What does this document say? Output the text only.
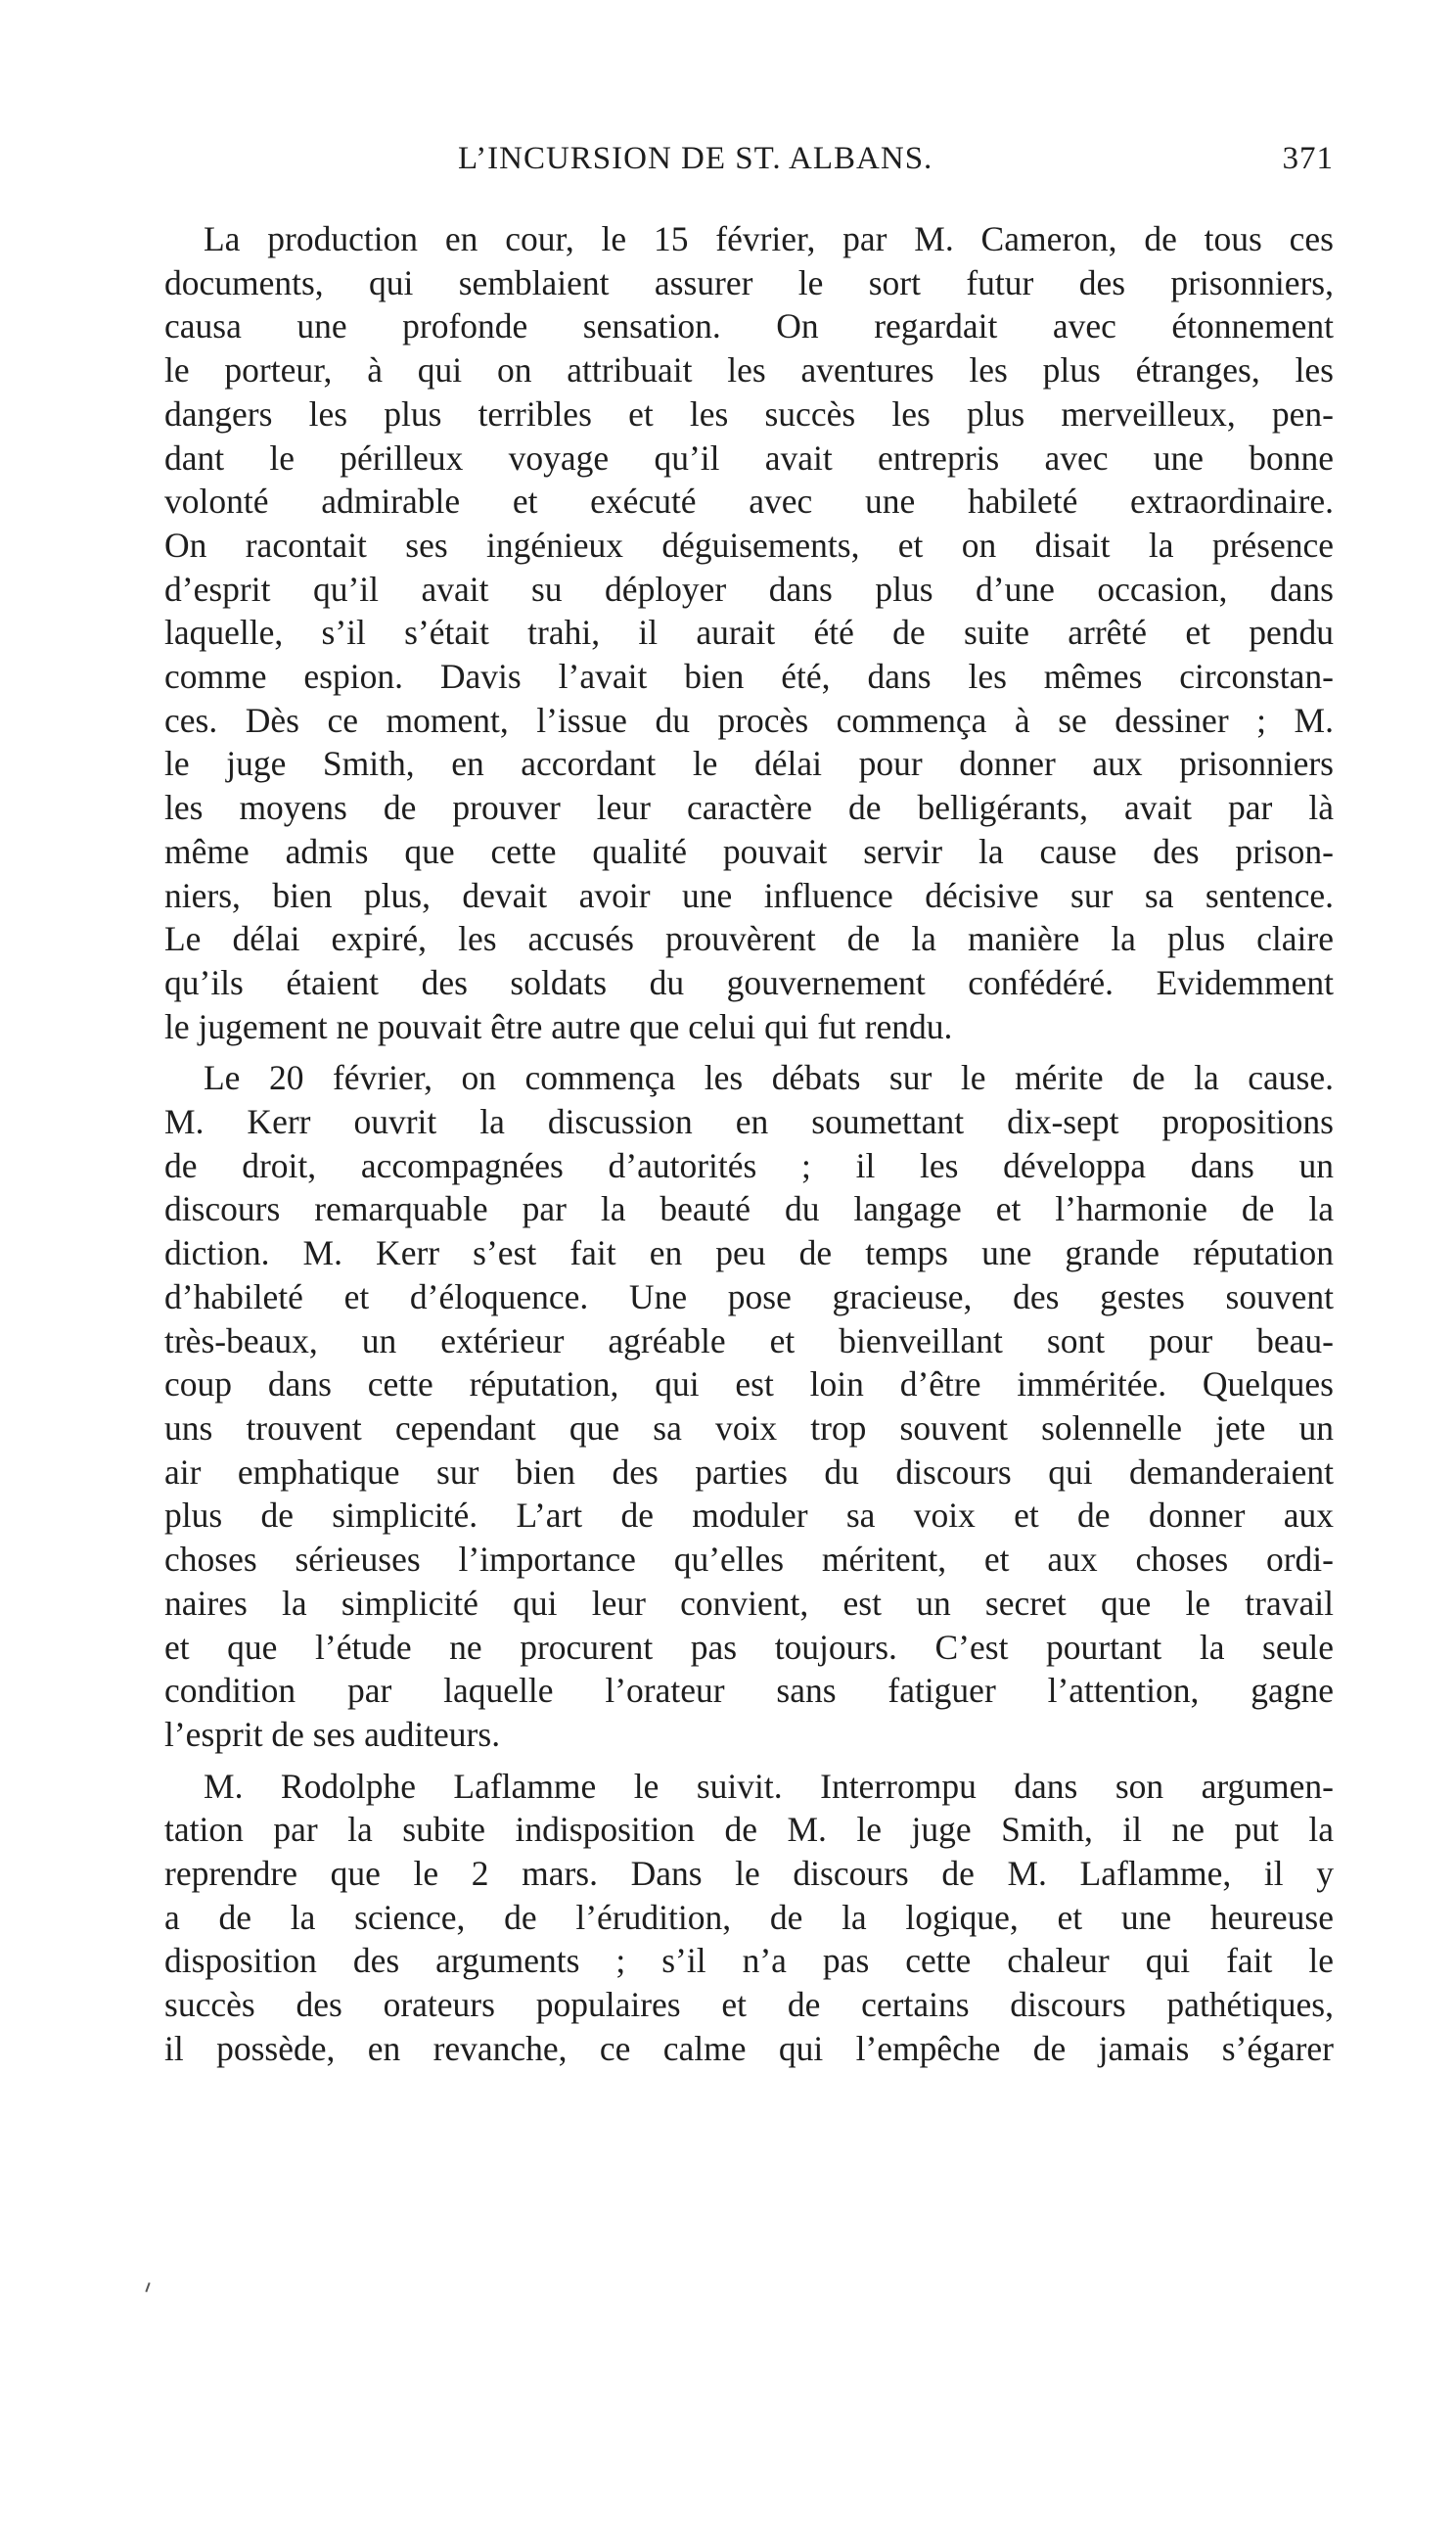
L’INCURSION DE ST. ALBANS.	371
La production en cour, le 15 février, par M. Cameron, de tous ces
documents, qui semblaient assurer le sort futur des prisonniers,
causa une profonde sensation. On regardait avec étonnement
le porteur, à qui on attribuait les aventures les plus étranges, les
dangers les plus terribles et les succès les plus merveilleux, pen-
dant le périlleux voyage qu’il avait entrepris avec une bonne
volonté admirable et exécuté avec une habileté extraordinaire.
On racontait ses ingénieux déguisements, et on disait la présence
d’esprit qu’il avait su déployer dans plus d’une occasion, dans
laquelle, s’il s’était trahi, il aurait été de suite arrêté et pendu
comme espion. Davis l’avait bien été, dans les mêmes circonstan-
ces. Dès ce moment, l’issue du procès commença à se dessiner ; M.
le juge Smith, en accordant le délai pour donner aux prisonniers
les moyens de prouver leur caractère de belligérants, avait par là
même admis que cette qualité pouvait servir la cause des prison-
niers, bien plus, devait avoir une influence décisive sur sa sentence.
Le délai expiré, les accusés prouvèrent de la manière la plus claire
qu’ils étaient des soldats du gouvernement confédéré. Evidemment
le jugement ne pouvait être autre que celui qui fut rendu.
Le 20 février, on commença les débats sur le mérite de la cause.
M. Kerr ouvrit la discussion en soumettant dix-sept propositions
de droit, accompagnées d’autorités ; il les développa dans un
discours remarquable par la beauté du langage et l’harmonie de la
diction. M. Kerr s’est fait en peu de temps une grande réputation
d’habileté et d’éloquence. Une pose gracieuse, des gestes souvent
très-beaux, un extérieur agréable et bienveillant sont pour beau-
coup dans cette réputation, qui est loin d’être imméritée. Quelques
uns trouvent cependant que sa voix trop souvent solennelle jete un
air emphatique sur bien des parties du discours qui demanderaient
plus de simplicité. L’art de moduler sa voix et de donner aux
choses sérieuses l’importance qu’elles méritent, et aux choses ordi-
naires la simplicité qui leur convient, est un secret que le travail
et que l’étude ne procurent pas toujours. C’est pourtant la seule
condition par laquelle l’orateur sans fatiguer l’attention, gagne
l’esprit de ses auditeurs.
M. Rodolphe Laflamme le suivit. Interrompu dans son argumen-
tation par la subite indisposition de M. le juge Smith, il ne put la
reprendre que le 2 mars. Dans le discours de M. Laflamme, il y
a de la science, de l’érudition, de la logique, et une heureuse
disposition des arguments ; s’il n’a pas cette chaleur qui fait le
succès des orateurs populaires et de certains discours pathétiques,
il possède, en revanche, ce calme qui l’empêche de jamais s’égarer
